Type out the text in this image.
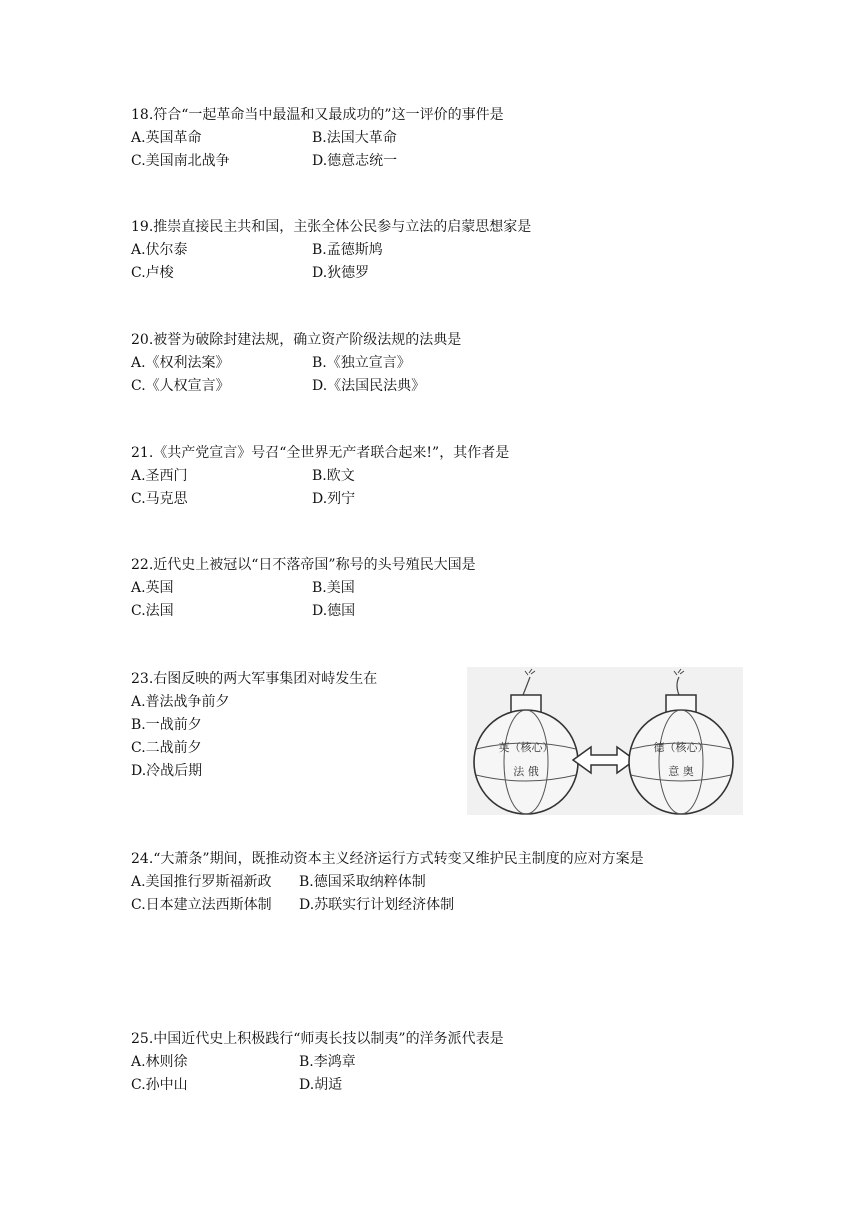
18.符合“一起革命当中最温和又最成功的”这一评价的事件是
A.英国革命	B.法国大革命
C.美国南北战争	D.德意志统一
19.推崇直接民主共和国，主张全体公民参与立法的启蒙思想家是
A.伏尔泰	B.孟德斯鸠
C.卢梭	D.狄德罗
20.被誉为破除封建法规，确立资产阶级法规的法典是
A.《权利法案》	B.《独立宣言》
C.《人权宣言》	D.《法国民法典》
21.《共产党宣言》号召“全世界无产者联合起来!”，其作者是
A.圣西门	B.欧文
C.马克思	D.列宁
22.近代史上被冠以“日不落帝国”称号的头号殖民大国是
A.英国	B.美国
C.法国	D.德国
23.右图反映的两大军事集团对峙发生在
A.普法战争前夕
B.一战前夕
C.二战前夕
D.冷战后期
英（核心）
法 俄
德（核心）
意 奥
24.“大萧条”期间，既推动资本主义经济运行方式转变又维护民主制度的应对方案是
A.美国推行罗斯福新政 B.德国采取纳粹体制
C.日本建立法西斯体制 D.苏联实行计划经济体制
25.中国近代史上积极践行“师夷长技以制夷”的洋务派代表是
A.林则徐	B.李鸿章
C.孙中山	D.胡适
